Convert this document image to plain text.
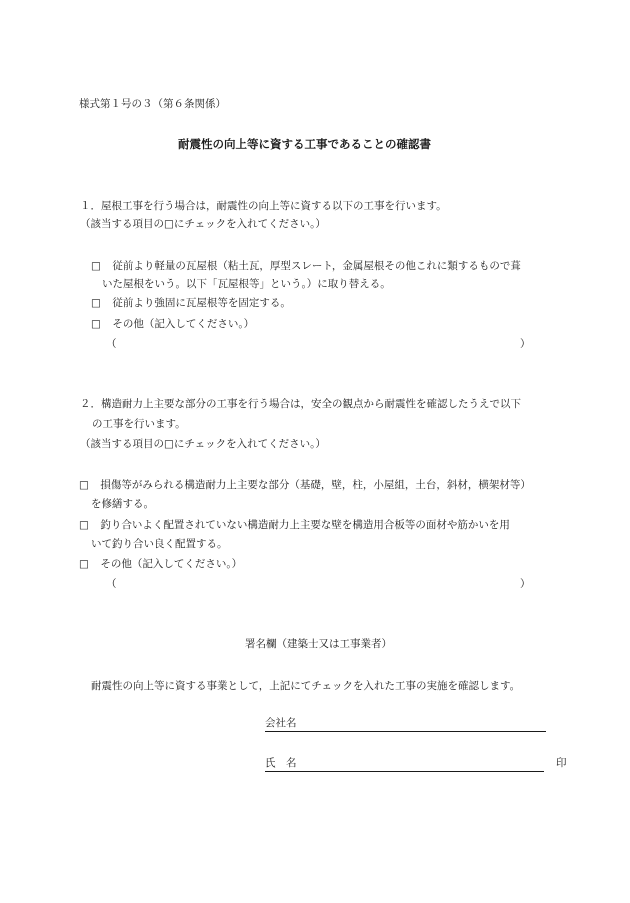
様式第１号の３（第６条関係）
耐震性の向上等に資する工事であることの確認書
１．屋根工事を行う場合は，耐震性の向上等に資する以下の工事を行います。
（該当する項目の□にチェックを入れてください。）
□ 従前より軽量の瓦屋根（粘土瓦，厚型スレート，金属屋根その他これに類するもので葺
いた屋根をいう。以下「瓦屋根等」という。）に取り替える。
□ 従前より強固に瓦屋根等を固定する。
□ その他（記入してください。）
（	）
２．構造耐力上主要な部分の工事を行う場合は，安全の観点から耐震性を確認したうえで以下
の工事を行います。
（該当する項目の□にチェックを入れてください。）
□ 損傷等がみられる構造耐力上主要な部分（基礎，壁，柱，小屋組，土台，斜材，横架材等）
を修繕する。
□ 釣り合いよく配置されていない構造耐力上主要な壁を構造用合板等の面材や筋かいを用
いて釣り合い良く配置する。
□ その他（記入してください。）
（	）
署名欄（建築士又は工事業者）
耐震性の向上等に資する事業として，上記にてチェックを入れた工事の実施を確認します。
会社名
氏　名	印
